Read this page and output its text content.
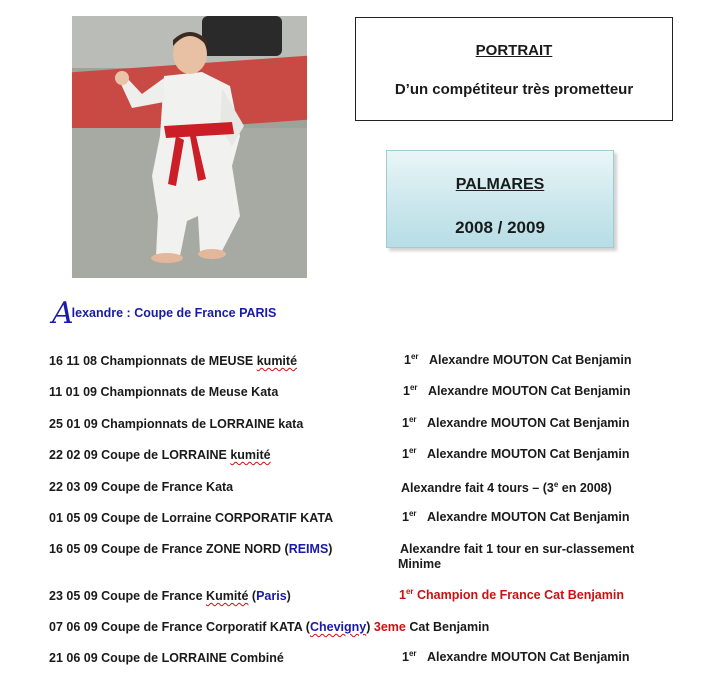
PORTRAIT
D’un compétiteur très prometteur
PALMARES
2008 / 2009
Alexandre : Coupe de France PARIS
16 11 08 Championnats de MEUSE kumité	1er Alexandre MOUTON Cat Benjamin
11 01 09 Championnats de Meuse Kata	1er Alexandre MOUTON Cat Benjamin
25 01 09 Championnats de LORRAINE kata	1er Alexandre MOUTON Cat Benjamin
22 02 09 Coupe de LORRAINE kumité	1er Alexandre MOUTON Cat Benjamin
22 03 09 Coupe de France Kata	Alexandre fait 4 tours – (3e en 2008)
01 05 09 Coupe de Lorraine CORPORATIF KATA	1er Alexandre MOUTON Cat Benjamin
16 05 09 Coupe de France ZONE NORD (REIMS)	Alexandre fait 1 tour en sur-classement Minime
23 05 09 Coupe de France Kumité (Paris)	1er Champion de France Cat Benjamin
07 06 09 Coupe de France Corporatif KATA (Chevigny) 3eme Cat Benjamin
21 06 09 Coupe de LORRAINE Combiné	1er Alexandre MOUTON Cat Benjamin
